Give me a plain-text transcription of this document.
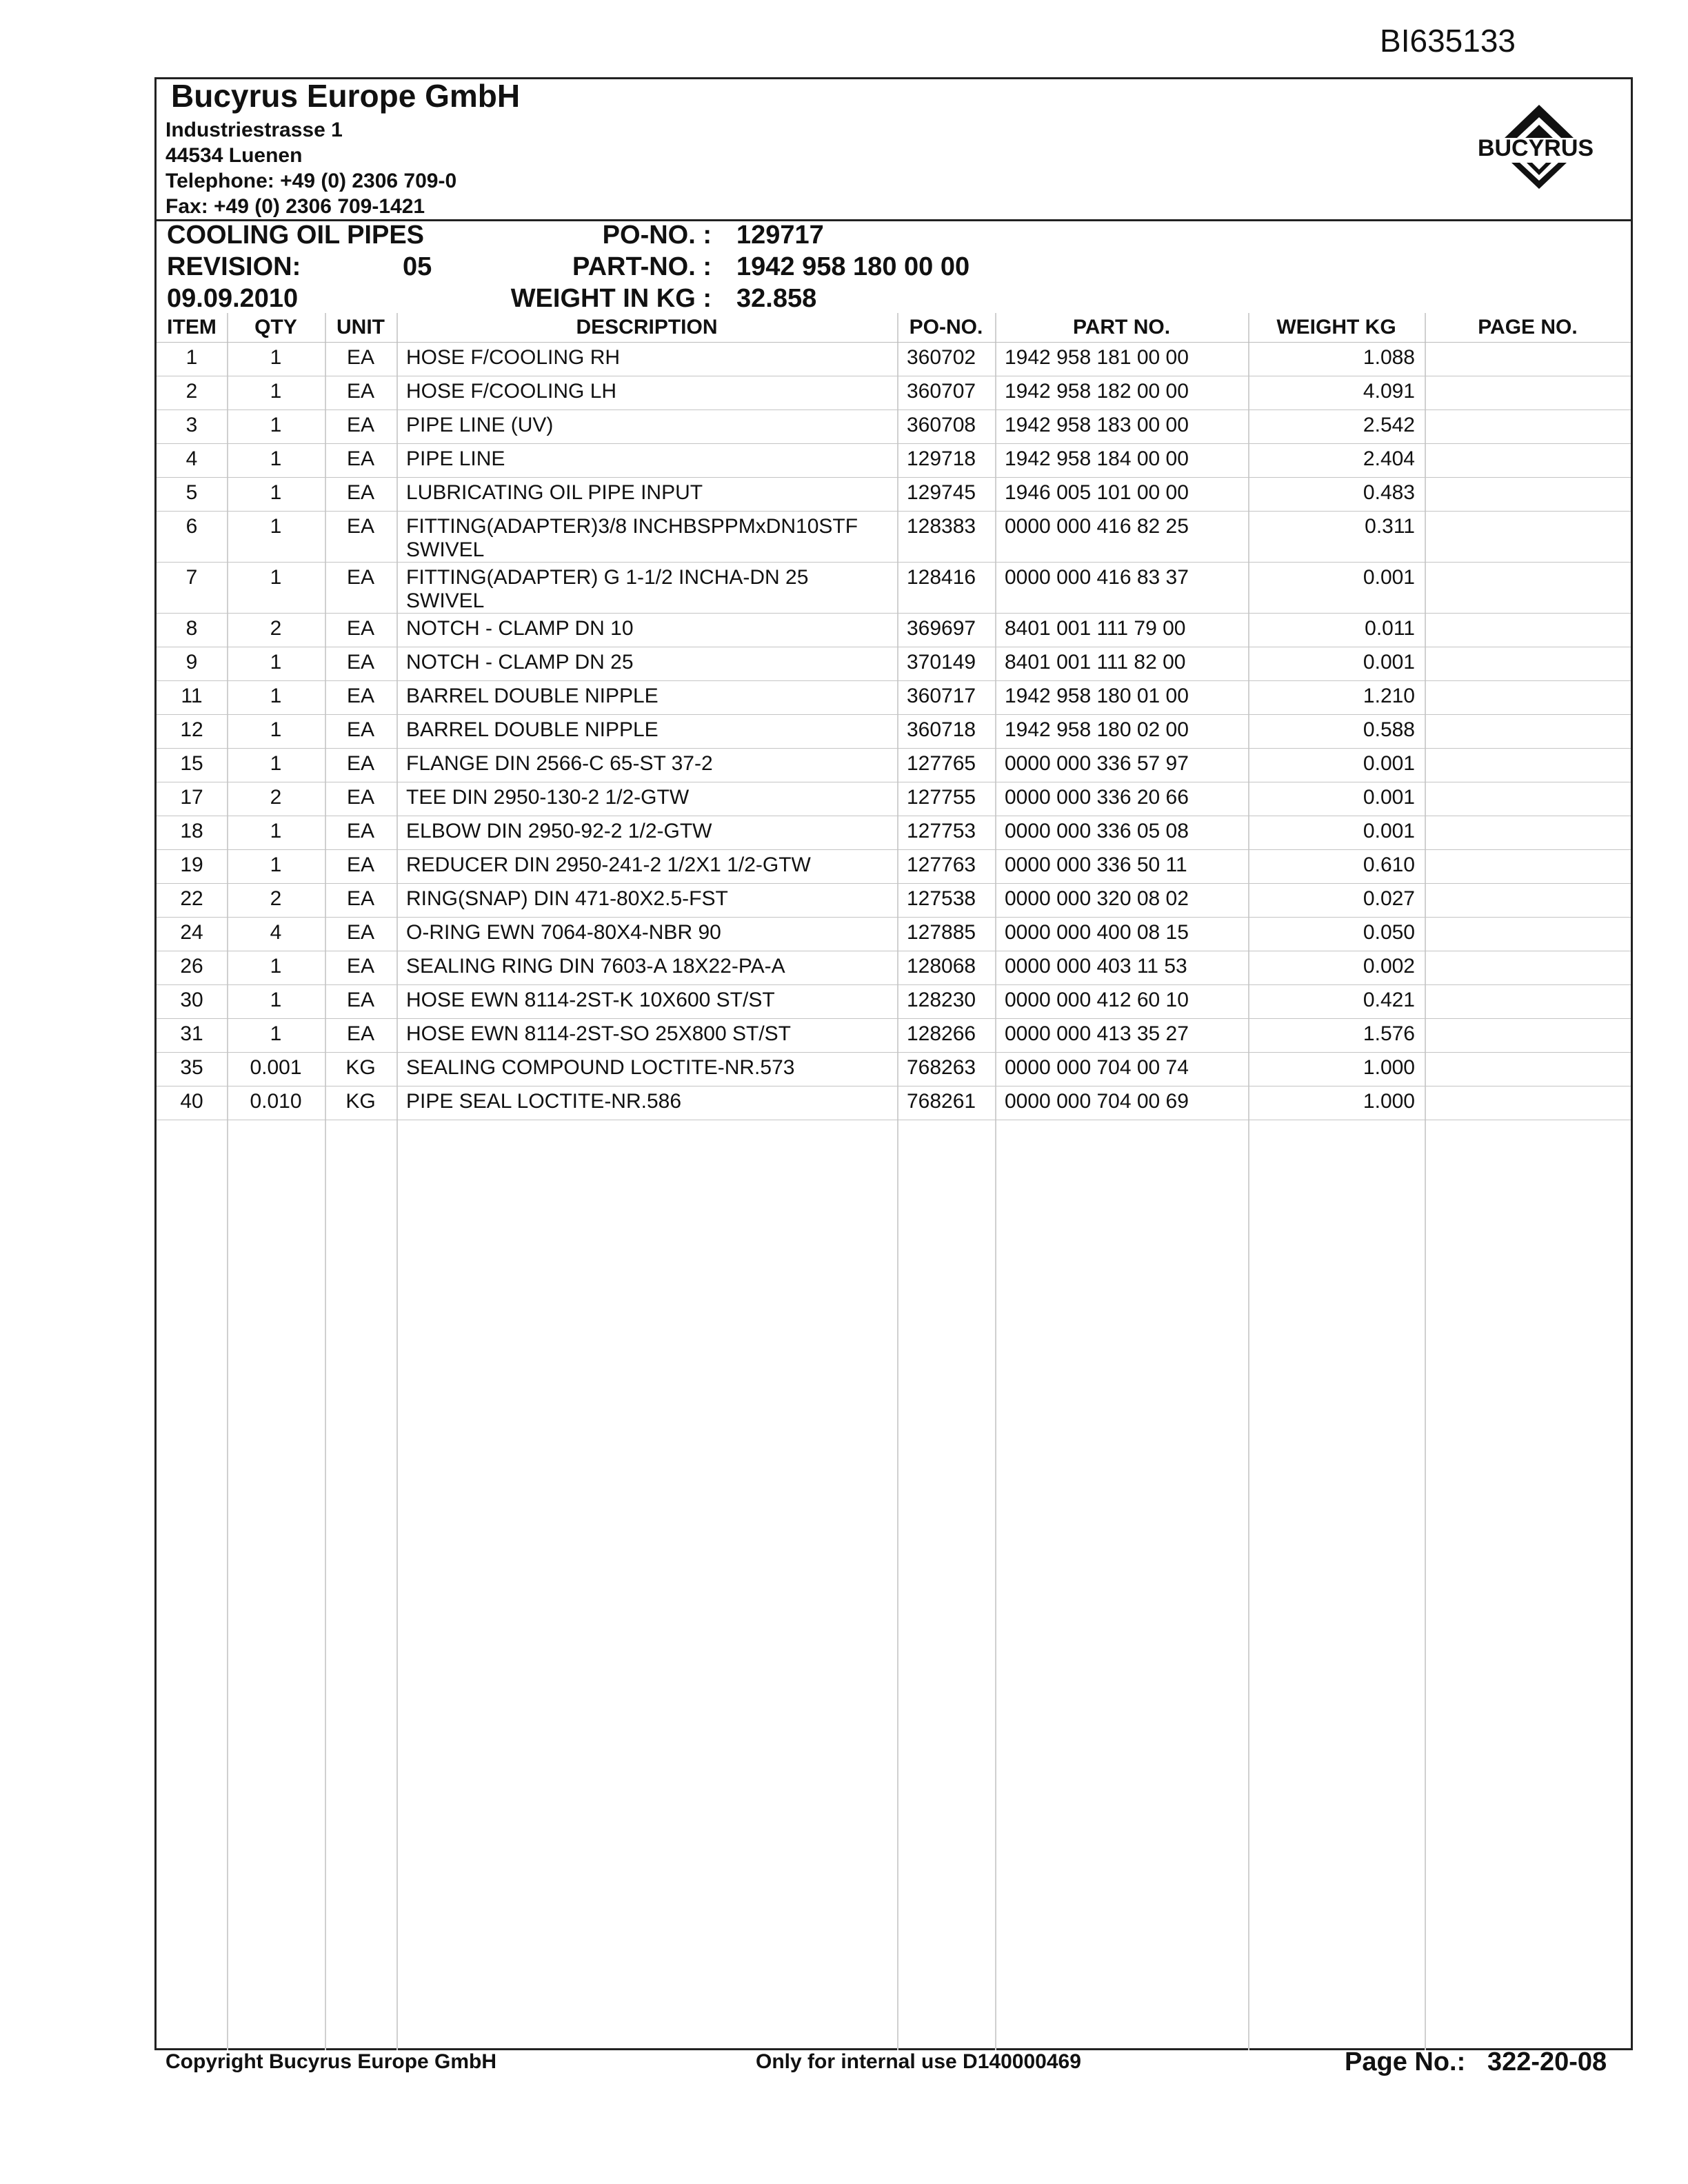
BI635133
Bucyrus Europe GmbH
Industriestrasse 1
44534 Luenen
Telephone: +49 (0) 2306 709-0
Fax: +49 (0) 2306 709-1421
BUCYRUS
COOLING OIL PIPES
REVISION:	05
09.09.2010
PO-NO. : 129717
PART-NO. : 1942 958 180 00 00
WEIGHT IN KG : 32.858
ITEM	QTY	UNIT	DESCRIPTION	PO-NO.	PART NO.	WEIGHT KG	PAGE NO.
1	1	EA	HOSE F/COOLING RH	360702	1942 958 181 00 00	1.088	
2	1	EA	HOSE F/COOLING LH	360707	1942 958 182 00 00	4.091	
3	1	EA	PIPE LINE (UV)	360708	1942 958 183 00 00	2.542	
4	1	EA	PIPE LINE	129718	1942 958 184 00 00	2.404	
5	1	EA	LUBRICATING OIL PIPE INPUT	129745	1946 005 101 00 00	0.483	
6	1	EA	FITTING(ADAPTER)3/8 INCHBSPPMxDN10STF
SWIVEL	128383	0000 000 416 82 25	0.311	
7	1	EA	FITTING(ADAPTER) G 1-1/2 INCHA-DN 25
SWIVEL	128416	0000 000 416 83 37	0.001	
8	2	EA	NOTCH - CLAMP DN 10	369697	8401 001 111 79 00	0.011	
9	1	EA	NOTCH - CLAMP DN 25	370149	8401 001 111 82 00	0.001	
11	1	EA	BARREL DOUBLE NIPPLE	360717	1942 958 180 01 00	1.210	
12	1	EA	BARREL DOUBLE NIPPLE	360718	1942 958 180 02 00	0.588	
15	1	EA	FLANGE DIN 2566-C 65-ST 37-2	127765	0000 000 336 57 97	0.001	
17	2	EA	TEE DIN 2950-130-2 1/2-GTW	127755	0000 000 336 20 66	0.001	
18	1	EA	ELBOW DIN 2950-92-2 1/2-GTW	127753	0000 000 336 05 08	0.001	
19	1	EA	REDUCER DIN 2950-241-2 1/2X1 1/2-GTW	127763	0000 000 336 50 11	0.610	
22	2	EA	RING(SNAP) DIN 471-80X2.5-FST	127538	0000 000 320 08 02	0.027	
24	4	EA	O-RING EWN 7064-80X4-NBR 90	127885	0000 000 400 08 15	0.050	
26	1	EA	SEALING RING DIN 7603-A 18X22-PA-A	128068	0000 000 403 11 53	0.002	
30	1	EA	HOSE EWN 8114-2ST-K 10X600 ST/ST	128230	0000 000 412 60 10	0.421	
31	1	EA	HOSE EWN 8114-2ST-SO 25X800 ST/ST	128266	0000 000 413 35 27	1.576	
35	0.001	KG	SEALING COMPOUND LOCTITE-NR.573	768263	0000 000 704 00 74	1.000	
40	0.010	KG	PIPE SEAL LOCTITE-NR.586	768261	0000 000 704 00 69	1.000	
Copyright Bucyrus Europe GmbH	Only for internal use D140000469	Page No.: 322-20-08
